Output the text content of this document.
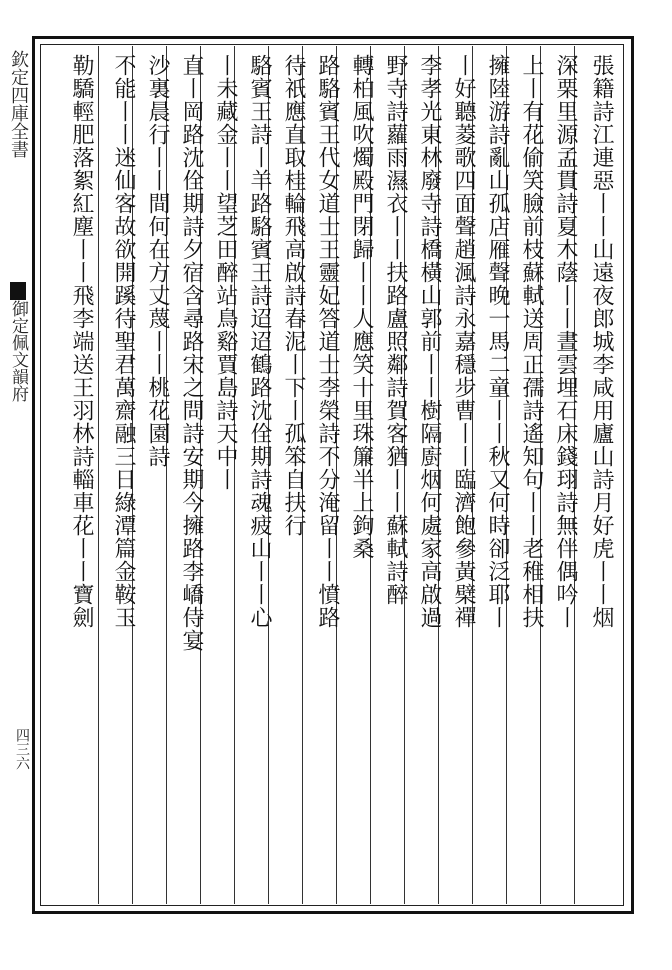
欽定四庫全書
御定佩文韻府
四三六
張籍詩江連惡丨丨山遠夜郎城李咸用廬山詩月好虎丨丨烟
深栗里源孟貫詩夏木蔭丨丨晝雲埋石床錢珝詩無伴偶吟丨
上丨有花偷笑臉前枝蘇軾送周正孺詩遙知句丨丨老稚相扶
擁陸游詩亂山孤店雁聲晚一馬二童丨丨秋又何時卻泛耶丨
丨好聽菱歌四面聲趙渢詩永嘉穩步曹丨丨臨濟飽參黃檗禪
李孝光東林廢寺詩橋橫山郭前丨丨樹隔廚烟何處家高啟過
野寺詩蘿雨濕衣丨丨扶路盧照鄰詩賀客猶丨丨蘇軾詩醉
轉柏風吹燭殿門閉歸丨丨人應笑十里珠簾半上鉤桑
路駱賓王代女道士王靈妃答道士李榮詩不分淹留丨丨憤路
待祇應直取桂輪飛高啟詩春泥丨下丨孤笨自扶行
駱賓王詩丨羊路駱賓王詩迢迢鶴路沈佺期詩魂疲山丨丨心
丨未藏金丨丨望芝田醉站鳥谿賈島詩天中丨
直丨岡路沈佺期詩夕宿含尋路宋之問詩安期今擁路李嶠侍宴
沙裏晨行丨丨間何在方丈蔑丨丨桃花園詩
不能丨丨迷仙客故欲開蹊待聖君萬齋融三日綠潭篇金鞍玉
勒驕輕肥落絮紅塵丨丨飛李端送王羽林詩輜車花丨丨寶劍
